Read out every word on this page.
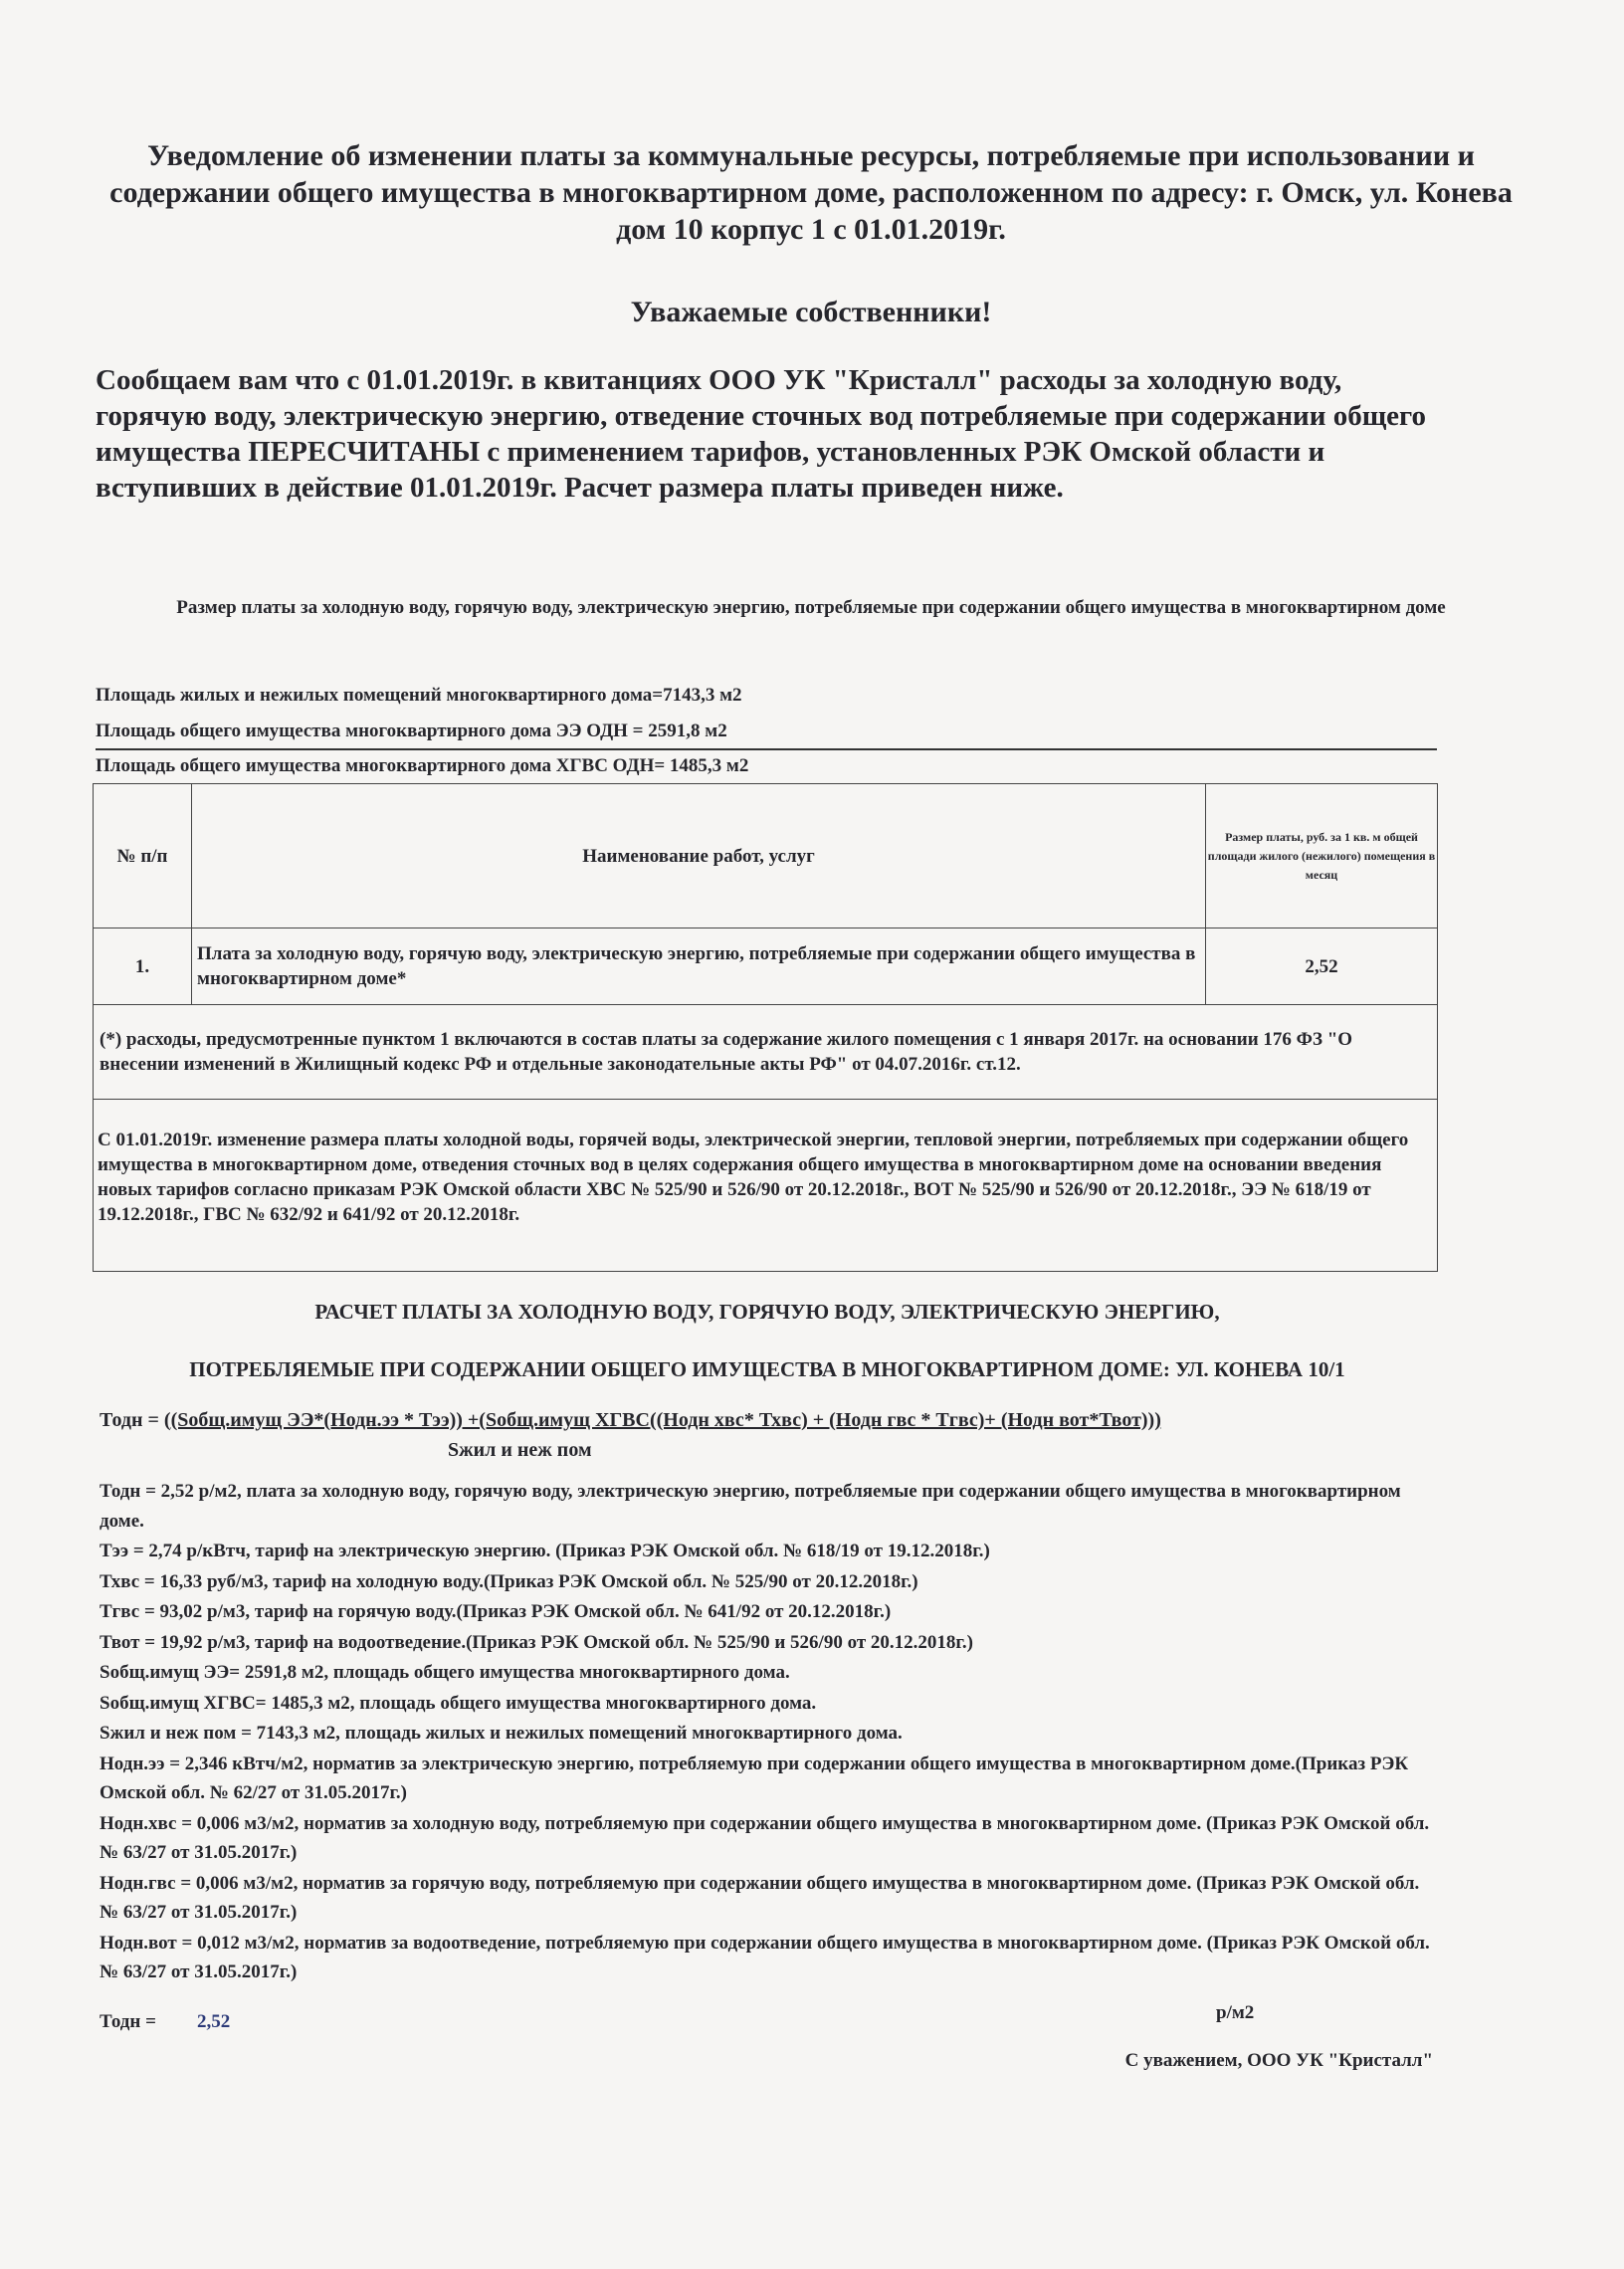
Уведомление об изменении платы за коммунальные ресурсы, потребляемые при использовании и содержании общего имущества в многоквартирном доме, расположенном по адресу: г. Омск, ул. Конева дом 10 корпус 1 с 01.01.2019г.
Уважаемые собственники!
Сообщаем вам что с 01.01.2019г. в квитанциях ООО УК "Кристалл" расходы за холодную воду, горячую воду, электрическую энергию, отведение сточных вод потребляемые при содержании общего имущества ПЕРЕСЧИТАНЫ с применением тарифов, установленных РЭК Омской области и вступивших в действие 01.01.2019г. Расчет размера платы приведен ниже.
Размер платы за холодную воду, горячую воду, электрическую энергию, потребляемые при содержании общего имущества в многоквартирном доме
Площадь жилых и нежилых помещений многоквартирного дома=7143,3 м2
Площадь общего имущества многоквартирного дома ЭЭ ОДН = 2591,8 м2
Площадь общего имущества многоквартирного дома ХГВС ОДН= 1485,3 м2
№ п/п	Наименование работ, услуг	Размер платы, руб. за 1 кв. м общей площади жилого (нежилого) помещения в месяц
1.	Плата за холодную воду, горячую воду, электрическую энергию, потребляемые при содержании общего имущества в многоквартирном доме*	2,52
(*) расходы, предусмотренные пунктом 1 включаются в состав платы за содержание жилого помещения с 1 января 2017г. на основании 176 ФЗ "О внесении изменений в Жилищный кодекс РФ и отдельные законодательные акты РФ" от 04.07.2016г. ст.12.		
С 01.01.2019г. изменение размера платы холодной воды, горячей воды, электрической энергии, тепловой энергии, потребляемых при содержании общего имущества в многоквартирном доме, отведения сточных вод в целях содержания общего имущества в многоквартирном доме на основании введения новых тарифов согласно приказам РЭК Омской области ХВС № 525/90 и 526/90 от 20.12.2018г., ВОТ № 525/90 и 526/90 от 20.12.2018г., ЭЭ № 618/19 от 19.12.2018г., ГВС № 632/92 и 641/92 от 20.12.2018г.		
РАСЧЕТ ПЛАТЫ ЗА ХОЛОДНУЮ ВОДУ, ГОРЯЧУЮ ВОДУ, ЭЛЕКТРИЧЕСКУЮ ЭНЕРГИЮ,
ПОТРЕБЛЯЕМЫЕ ПРИ СОДЕРЖАНИИ ОБЩЕГО ИМУЩЕСТВА В МНОГОКВАРТИРНОМ ДОМЕ: УЛ. КОНЕВА 10/1
Тодн = ((Sобщ.имущ ЭЭ*(Нодн.ээ * Тээ)) +(Sобщ.имущ ХГВС((Нодн хвс* Тхвс) + (Нодн гвс * Тгвс)+ (Нодн вот*Твот)))
Sжил и неж пом

Тодн = 2,52 р/м2, плата за холодную воду, горячую воду, электрическую энергию, потребляемые при содержании общего имущества в многоквартирном доме.

Тээ = 2,74 р/кВтч, тариф на электрическую энергию. (Приказ РЭК Омской обл. № 618/19 от 19.12.2018г.)

Тхвс = 16,33 руб/м3, тариф на холодную воду.(Приказ РЭК Омской обл. № 525/90 от 20.12.2018г.)

Тгвс = 93,02 р/м3, тариф на горячую воду.(Приказ РЭК Омской обл. № 641/92 от 20.12.2018г.)

Твот = 19,92 р/м3, тариф на водоотведение.(Приказ РЭК Омской обл. № 525/90 и 526/90 от 20.12.2018г.)

Sобщ.имущ ЭЭ= 2591,8 м2, площадь общего имущества многоквартирного дома.

Sобщ.имущ ХГВС= 1485,3 м2, площадь общего имущества многоквартирного дома.

Sжил и неж пом = 7143,3 м2, площадь жилых и нежилых помещений многоквартирного дома.

Нодн.ээ = 2,346 кВтч/м2, норматив за электрическую энергию, потребляемую при содержании общего имущества в многоквартирном доме.(Приказ РЭК Омской обл. № 62/27 от 31.05.2017г.)

Нодн.хвс = 0,006 м3/м2, норматив за холодную воду, потребляемую при содержании общего имущества в многоквартирном доме. (Приказ РЭК Омской обл. № 63/27 от 31.05.2017г.)

Нодн.гвс = 0,006 м3/м2, норматив за горячую воду, потребляемую при содержании общего имущества в многоквартирном доме. (Приказ РЭК Омской обл. № 63/27 от 31.05.2017г.)

Нодн.вот = 0,012 м3/м2, норматив за водоотведение, потребляемую при содержании общего имущества в многоквартирном доме. (Приказ РЭК Омской обл. № 63/27 от 31.05.2017г.)

Тодн = 2,52	р/м2
С уважением, ООО УК "Кристалл"
